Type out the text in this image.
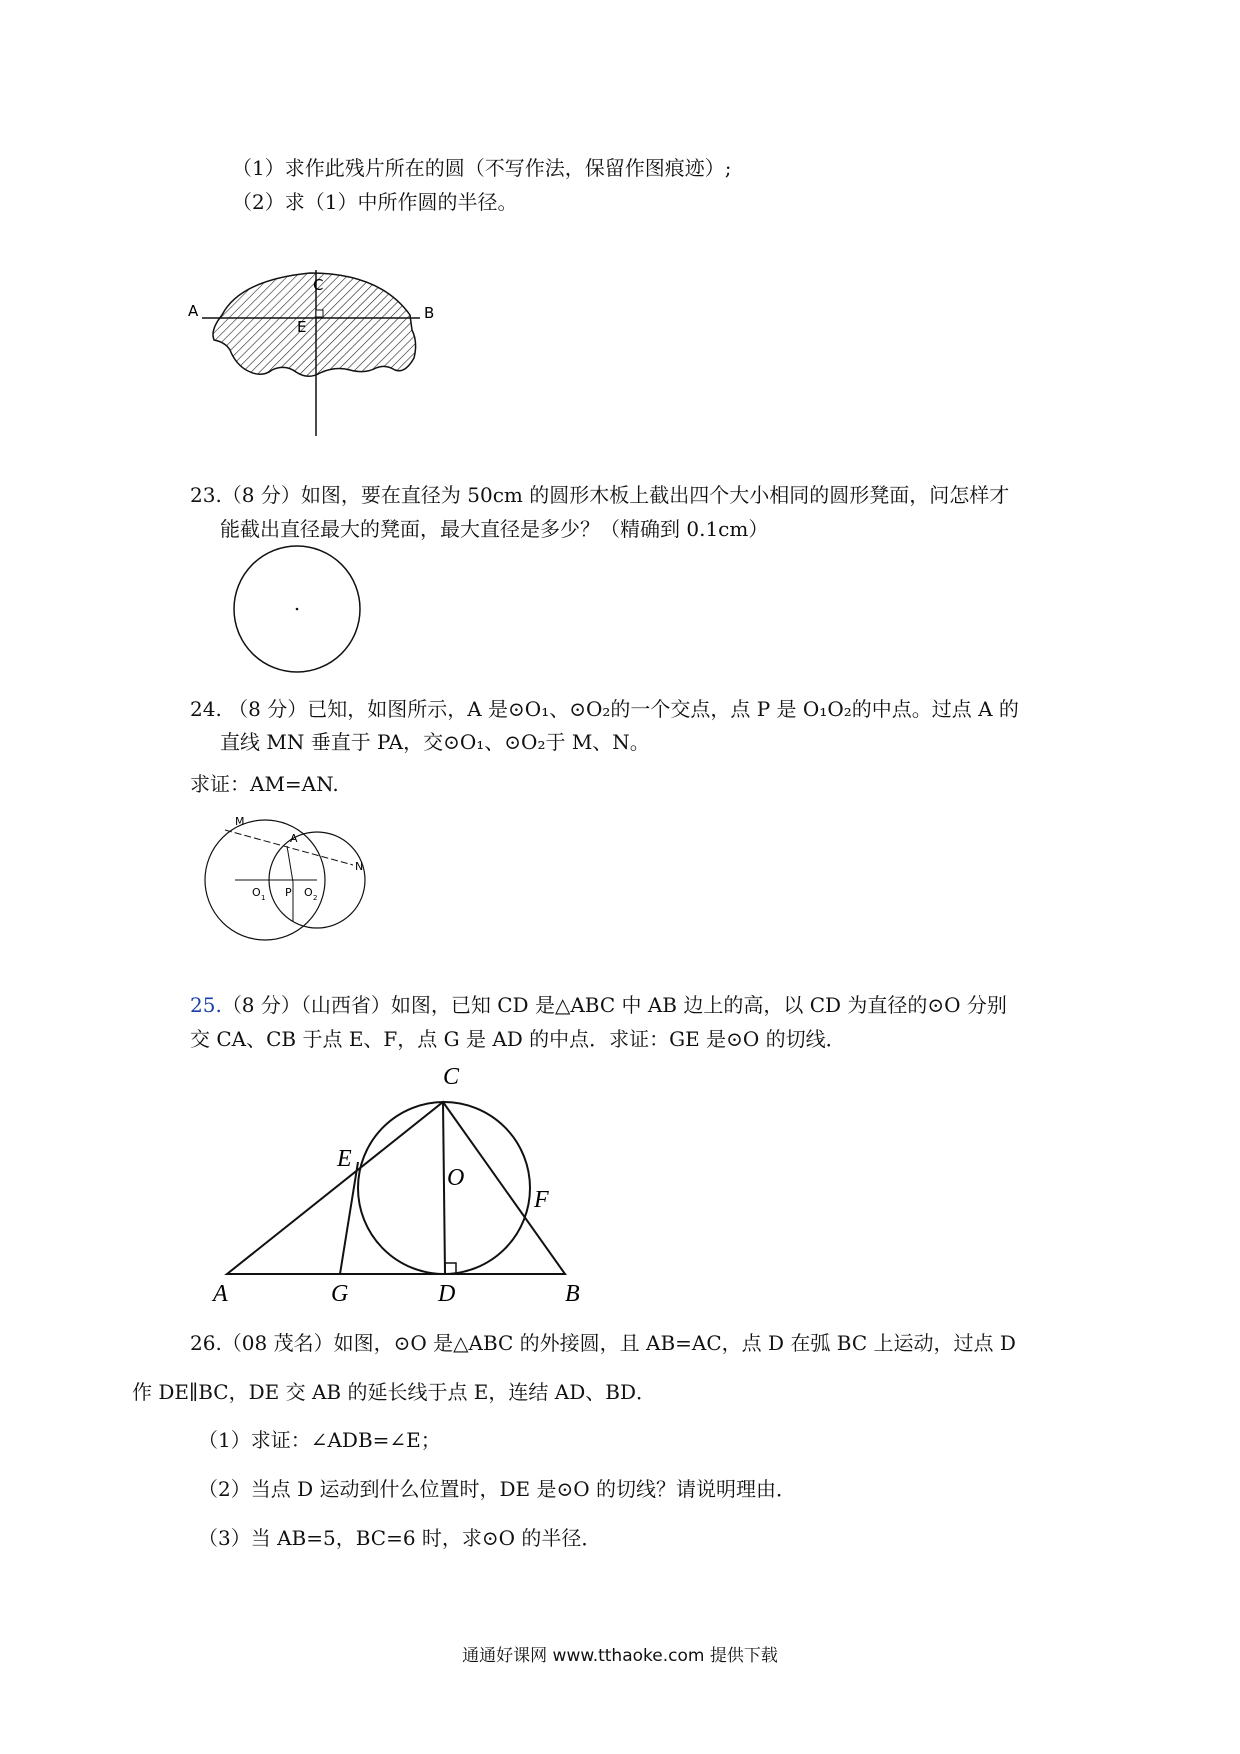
（1）求作此残片所在的圆（不写作法，保留作图痕迹）;
（2）求（1）中所作圆的半径。
C
A	B
E
23.（8 分）如图，要在直径为 50cm 的圆形木板上截出四个大小相同的圆形凳面，问怎样才
能截出直径最大的凳面，最大直径是多少？（精确到 0.1cm）
24. （8 分）已知，如图所示，A 是⊙O₁、⊙O₂的一个交点，点 P 是 O₁O₂的中点。过点 A 的
直线 MN 垂直于 PA，交⊙O₁、⊙O₂于 M、N。
求证：AM=AN.
M
A
N
O 1 P O 2
25.（8 分）（山西省）如图，已知 CD 是△ABC 中 AB 边上的高，以 CD 为直径的⊙O 分别
交 CA、CB 于点 E、F，点 G 是 AD 的中点．求证：GE 是⊙O 的切线．
C
E
O
F
A	G	D	B
26.（08 茂名）如图，⊙O 是△ABC 的外接圆，且 AB=AC，点 D 在弧 BC 上运动，过点 D
作 DE∥BC，DE 交 AB 的延长线于点 E，连结 AD、BD．
（1）求证：∠ADB=∠E；
（2）当点 D 运动到什么位置时，DE 是⊙O 的切线？请说明理由．
（3）当 AB=5，BC=6 时，求⊙O 的半径．
通通好课网 www.tthaoke.com 提供下载
